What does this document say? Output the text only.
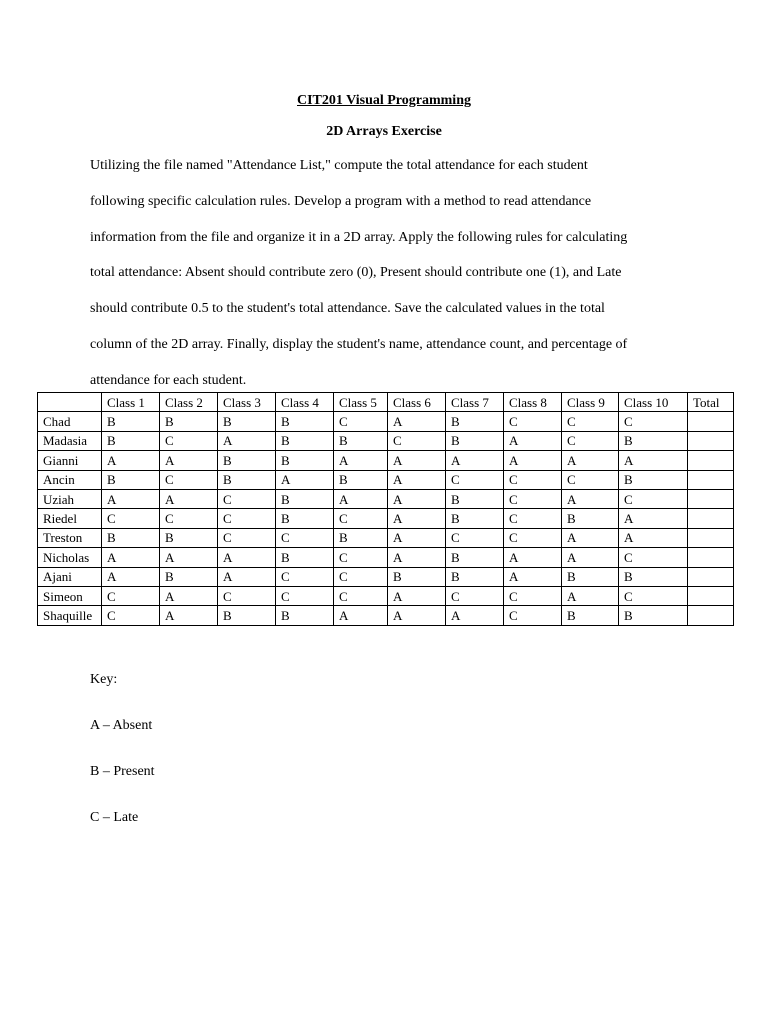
CIT201 Visual Programming
2D Arrays Exercise
Utilizing the file named "Attendance List," compute the total attendance for each student
following specific calculation rules. Develop a program with a method to read attendance
information from the file and organize it in a 2D array. Apply the following rules for calculating
total attendance: Absent should contribute zero (0), Present should contribute one (1), and Late
should contribute 0.5 to the student's total attendance. Save the calculated values in the total
column of the 2D array. Finally, display the student's name, attendance count, and percentage of
attendance for each student.
	Class 1	Class 2	Class 3	Class 4	Class 5	Class 6	Class 7	Class 8	Class 9	Class 10	Total
Chad	B	B	B	B	C	A	B	C	C	C	
Madasia	B	C	A	B	B	C	B	A	C	B	
Gianni	A	A	B	B	A	A	A	A	A	A	
Ancin	B	C	B	A	B	A	C	C	C	B	
Uziah	A	A	C	B	A	A	B	C	A	C	
Riedel	C	C	C	B	C	A	B	C	B	A	
Treston	B	B	C	C	B	A	C	C	A	A	
Nicholas	A	A	A	B	C	A	B	A	A	C	
Ajani	A	B	A	C	C	B	B	A	B	B	
Simeon	C	A	C	C	C	A	C	C	A	C	
Shaquille	C	A	B	B	A	A	A	C	B	B	
Key:
A – Absent
B – Present
C – Late
